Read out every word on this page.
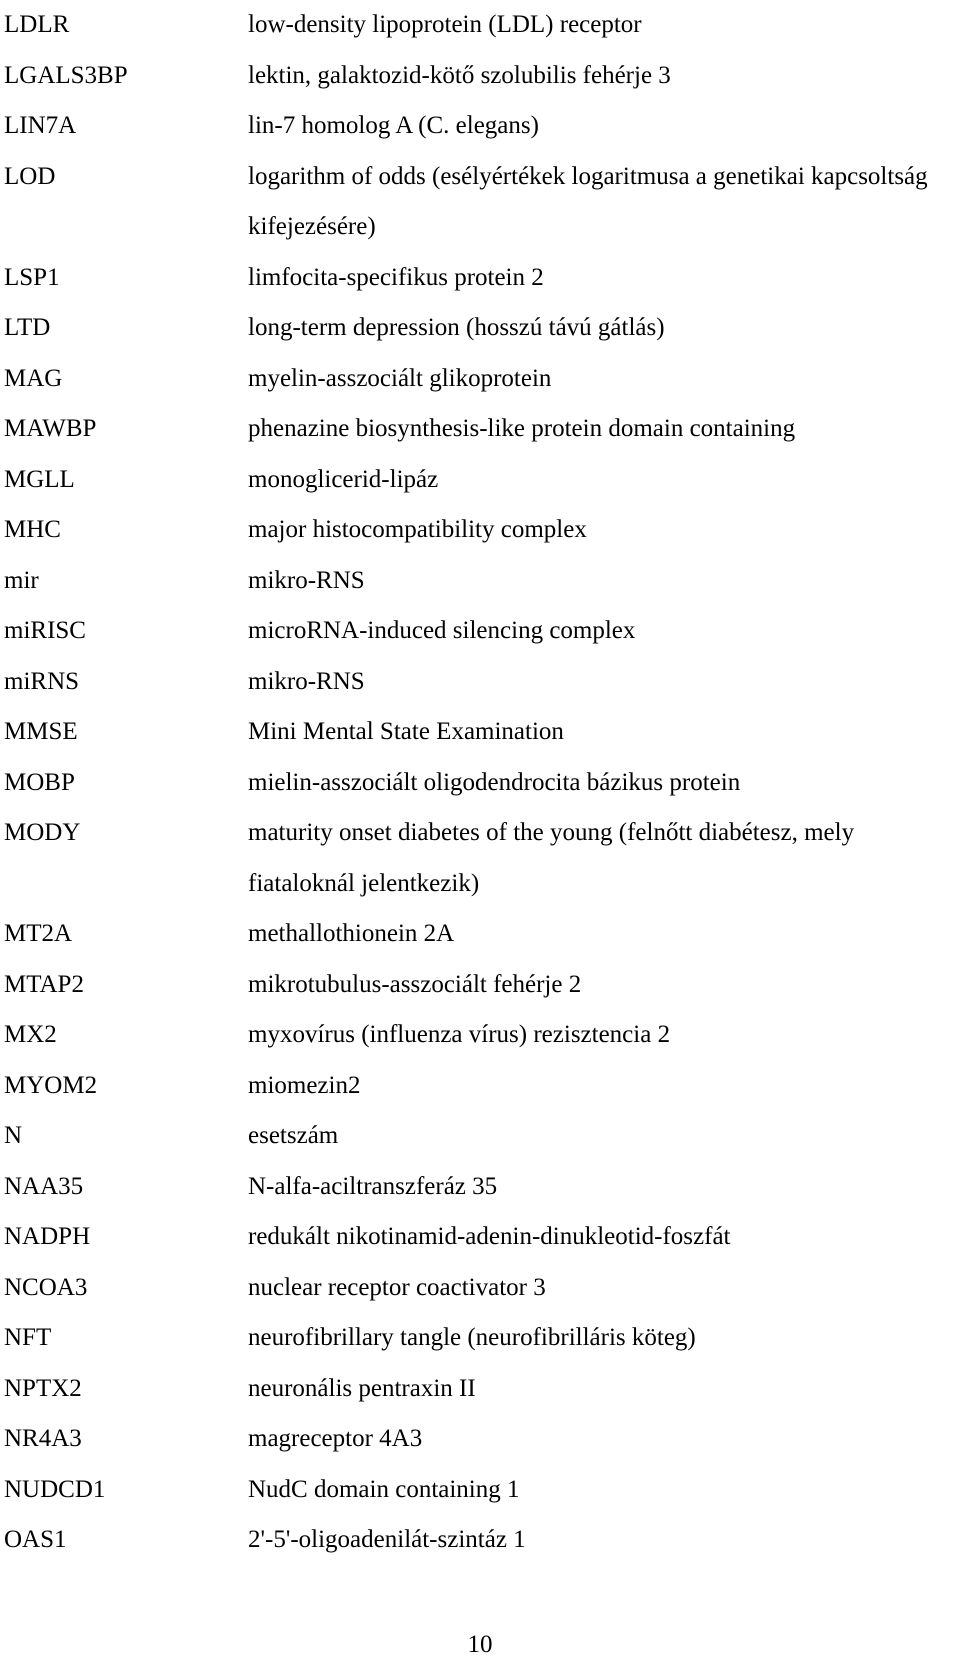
LDLR	low-density lipoprotein (LDL) receptor
LGALS3BP	lektin, galaktozid-kötő szolubilis fehérje 3
LIN7A	lin-7 homolog A (C. elegans)
LOD	logarithm of odds (esélyértékek logaritmusa a genetikai kapcsoltság kifejezésére)
LSP1	limfocita-specifikus protein 2
LTD	long-term depression (hosszú távú gátlás)
MAG	myelin-asszociált glikoprotein
MAWBP	phenazine biosynthesis-like protein domain containing
MGLL	monoglicerid-lipáz
MHC	major histocompatibility complex
mir	mikro-RNS
miRISC	microRNA-induced silencing complex
miRNS	mikro-RNS
MMSE	Mini Mental State Examination
MOBP	mielin-asszociált oligodendrocita bázikus protein
MODY	maturity onset diabetes of the young (felnőtt diabétesz, mely fiataloknál jelentkezik)
MT2A	methallothionein 2A
MTAP2	mikrotubulus-asszociált fehérje 2
MX2	myxovírus (influenza vírus) rezisztencia 2
MYOM2	miomezin2
N	esetszám
NAA35	N-alfa-aciltranszferáz 35
NADPH	redukált nikotinamid-adenin-dinukleotid-foszfát
NCOA3	nuclear receptor coactivator 3
NFT	neurofibrillary tangle (neurofibrilláris köteg)
NPTX2	neuronális pentraxin II
NR4A3	magreceptor 4A3
NUDCD1	NudC domain containing 1
OAS1	2'-5'-oligoadenilát-szintáz 1
10
